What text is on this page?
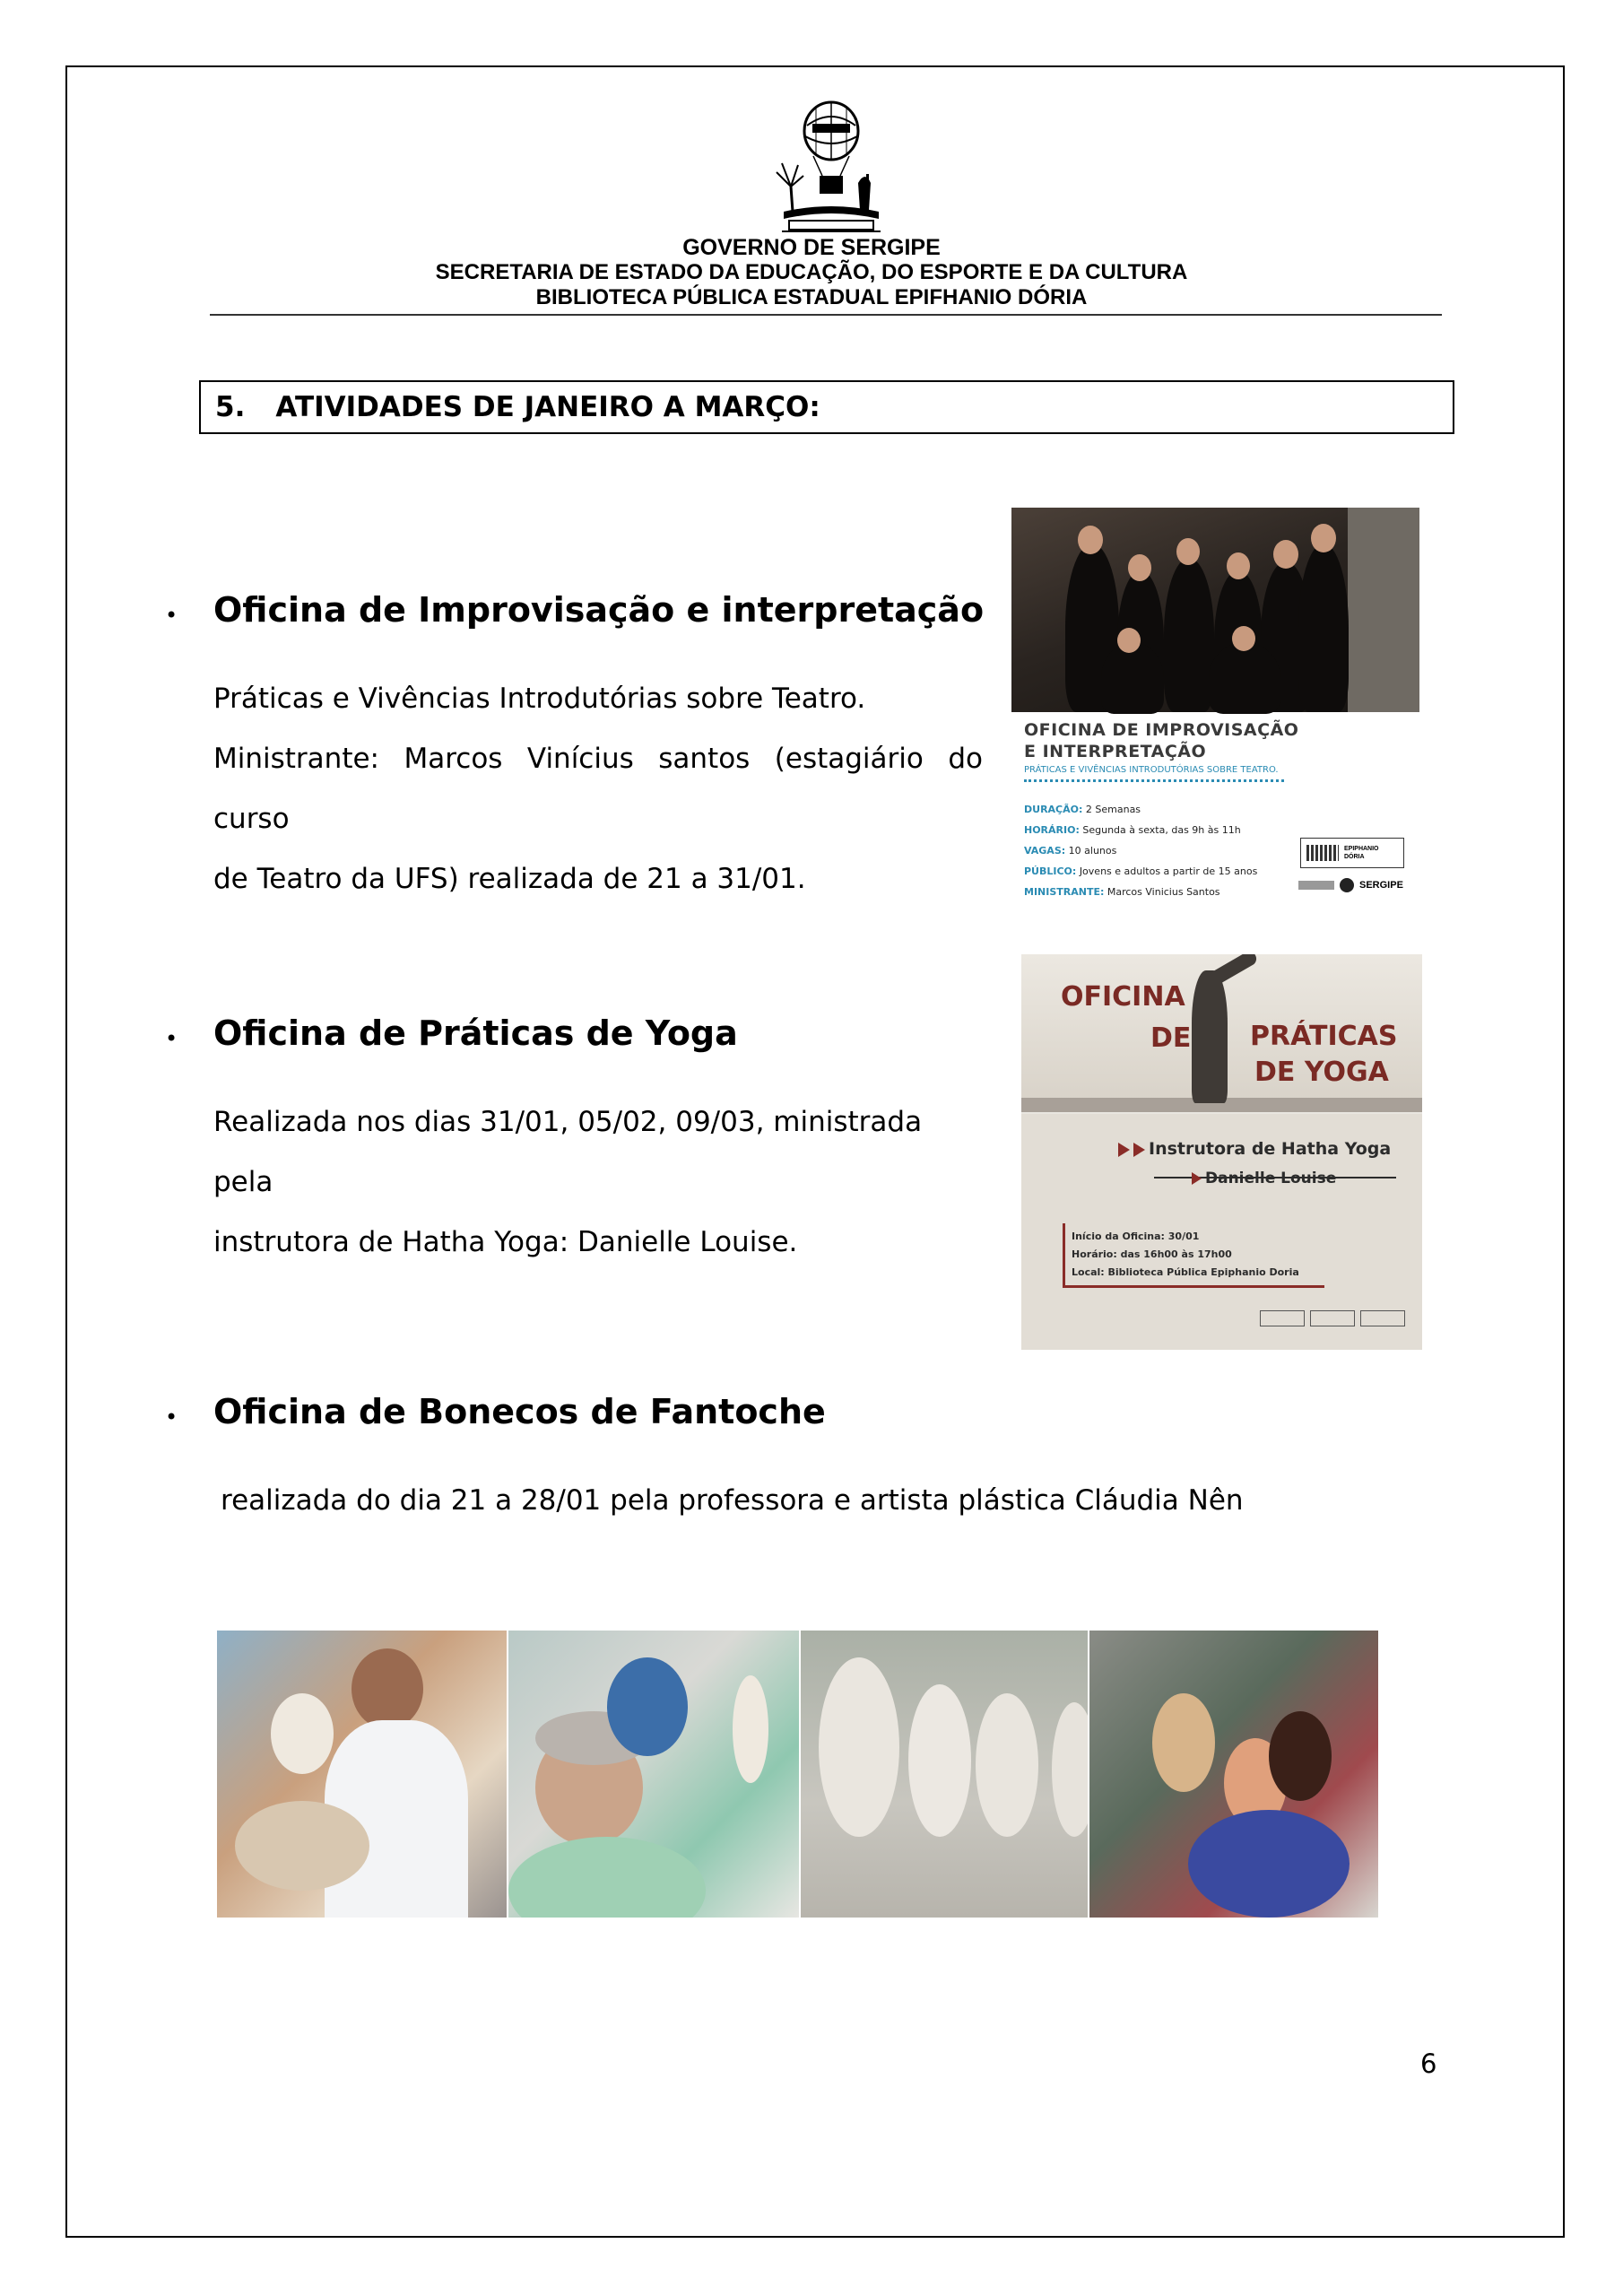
GOVERNO DE SERGIPE
SECRETARIA DE ESTADO DA EDUCAÇÃO, DO ESPORTE E DA CULTURA
BIBLIOTECA PÚBLICA ESTADUAL EPIFHANIO DÓRIA
5. ATIVIDADES DE JANEIRO A MARÇO:
• Oficina de Improvisação e interpretação
Práticas e Vivências Introdutórias sobre Teatro.
Ministrante: Marcos Vinícius santos (estagiário do curso
de Teatro da UFS) realizada de 21 a 31/01.
OFICINA DE IMPROVISAÇÃO
E INTERPRETAÇÃO
PRÁTICAS E VIVÊNCIAS INTRODUTÓRIAS SOBRE TEATRO.
DURAÇÃO: 2 Semanas
HORÁRIO: Segunda à sexta, das 9h às 11h
VAGAS: 10 alunos
PÚBLICO: Jovens e adultos a partir de 15 anos
MINISTRANTE: Marcos Vinicius Santos
EPIPHANIO
DÓRIA
SERGIPE
• Oficina de Práticas de Yoga
Realizada nos dias 31/01, 05/02, 09/03, ministrada pela
instrutora de Hatha Yoga: Danielle Louise.
OFICINA
DE PRÁTICAS
DE YOGA
Instrutora de Hatha Yoga
Danielle Louise
Início da Oficina: 30/01
Horário: das 16h00 às 17h00
Local: Biblioteca Pública Epiphanio Doria
• Oficina de Bonecos de Fantoche
realizada do dia 21 a 28/01 pela professora e artista plástica Cláudia Nên
6
